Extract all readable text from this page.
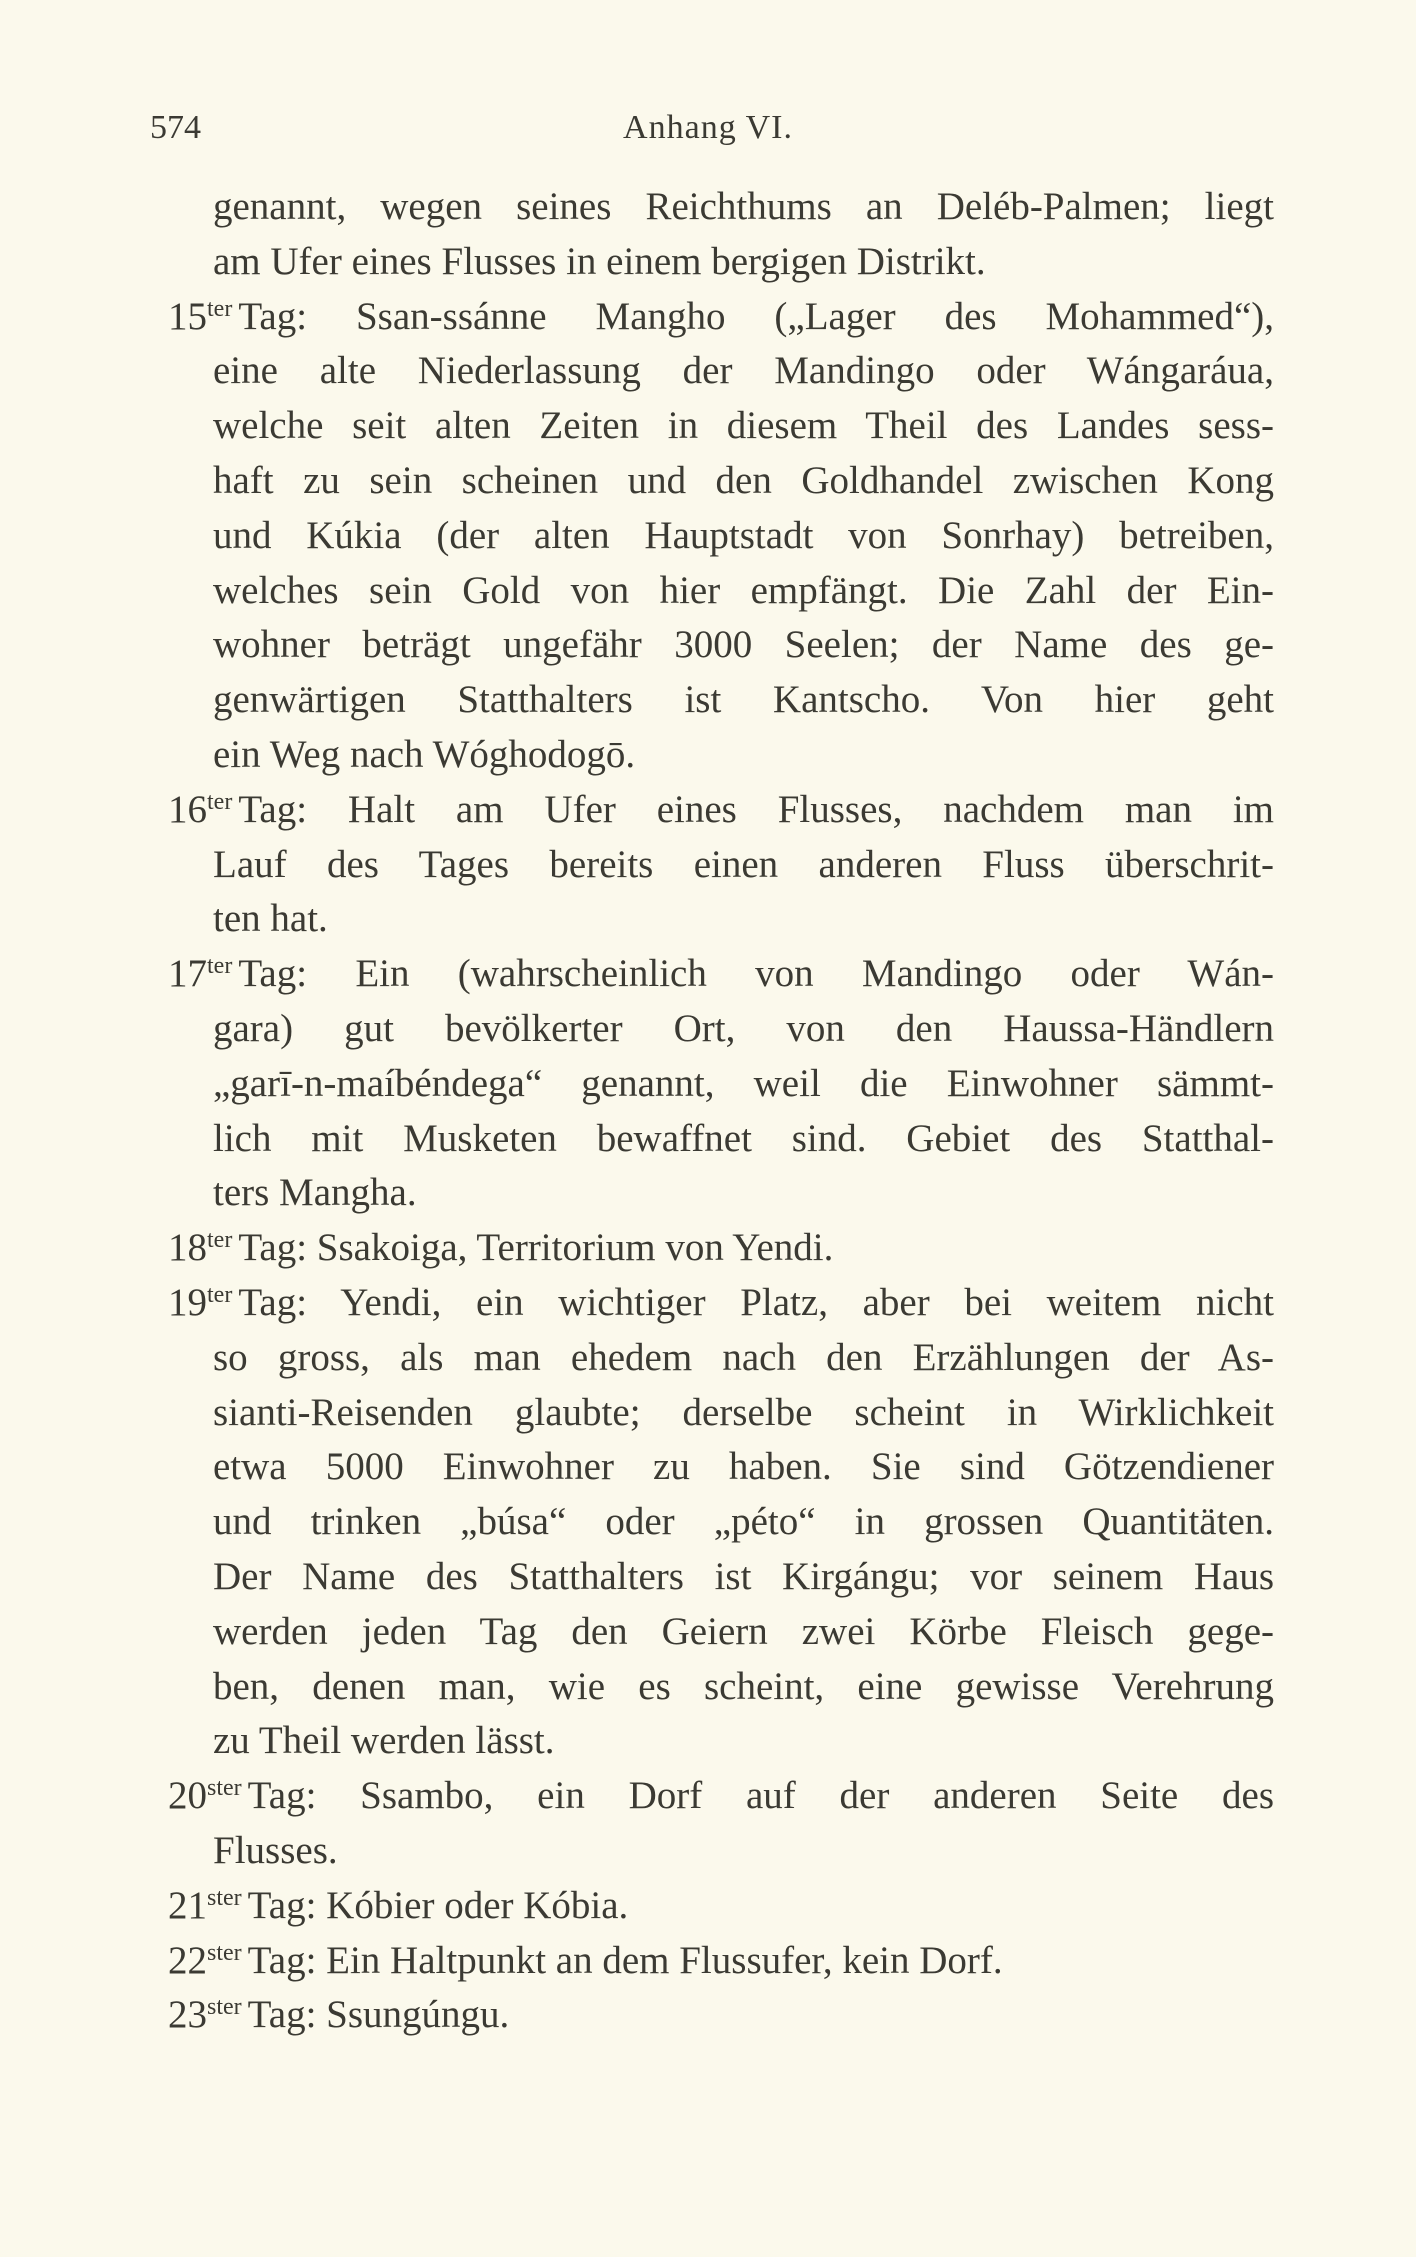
574	Anhang VI.
genannt, wegen seines Reichthums an Deléb-Palmen; liegt
am Ufer eines Flusses in einem bergigen Distrikt.
$15^{ter}$ Tag: Ssan-ssánne Mangho („Lager des Mohammed“),
eine alte Niederlassung der Mandingo oder Wángaráua,
welche seit alten Zeiten in diesem Theil des Landes sess-
haft zu sein scheinen und den Goldhandel zwischen Kong
und Kúkia (der alten Hauptstadt von Sonrhay) betreiben,
welches sein Gold von hier empfängt. Die Zahl der Ein-
wohner beträgt ungefähr 3000 Seelen; der Name des ge-
genwärtigen Statthalters ist Kantscho. Von hier geht
ein Weg nach Wóghodogō.
$16^{ter}$ Tag: Halt am Ufer eines Flusses, nachdem man im
Lauf des Tages bereits einen anderen Fluss überschrit-
ten hat.
$17^{ter}$ Tag: Ein (wahrscheinlich von Mandingo oder Wán-
gara) gut bevölkerter Ort, von den Haussa-Händlern
„garī-n-maíbéndega“ genannt, weil die Einwohner sämmt-
lich mit Musketen bewaffnet sind. Gebiet des Statthal-
ters Mangha.
$18^{ter}$ Tag: Ssakoiga, Territorium von Yendi.
$19^{ter}$ Tag: Yendi, ein wichtiger Platz, aber bei weitem nicht
so gross, als man ehedem nach den Erzählungen der As-
sianti-Reisenden glaubte; derselbe scheint in Wirklichkeit
etwa 5000 Einwohner zu haben. Sie sind Götzendiener
und trinken „búsa“ oder „péto“ in grossen Quantitäten.
Der Name des Statthalters ist Kirgángu; vor seinem Haus
werden jeden Tag den Geiern zwei Körbe Fleisch gege-
ben, denen man, wie es scheint, eine gewisse Verehrung
zu Theil werden lässt.
$20^{ster}$ Tag: Ssambo, ein Dorf auf der anderen Seite des
Flusses.
$21^{ster}$ Tag: Kóbier oder Kóbia.
$22^{ster}$ Tag: Ein Haltpunkt an dem Flussufer, kein Dorf.
$23^{ster}$ Tag: Ssungúngu.
